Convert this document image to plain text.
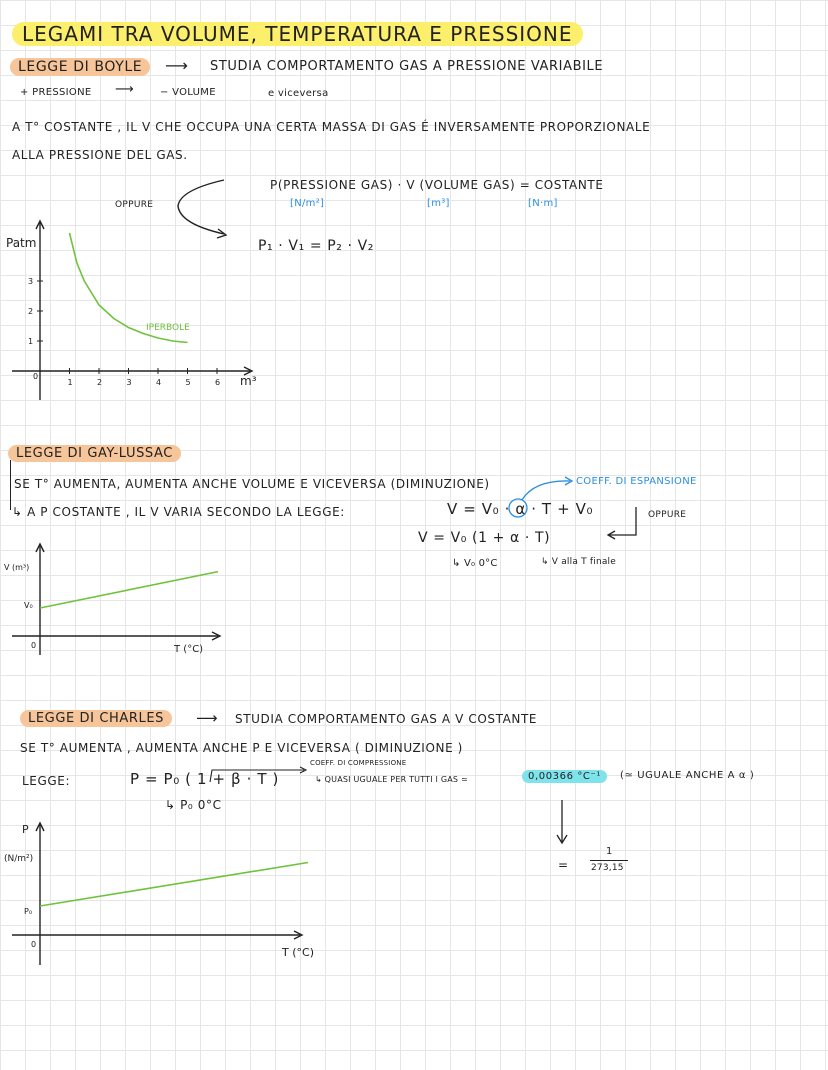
LEGAMI TRA VOLUME, TEMPERATURA E PRESSIONE
LEGGE DI BOYLE	⟶ STUDIA COMPORTAMENTO GAS A PRESSIONE VARIABILE
+ PRESSIONE ⟶	− VOLUME	e viceversa
A T° COSTANTE , IL V CHE OCCUPA UNA CERTA MASSA DI GAS É INVERSAMENTE PROPORZIONALE
ALLA PRESSIONE DEL GAS.
OPPURE
P(PRESSIONE GAS) · V (VOLUME GAS) = COSTANTE
[N/m²]	[m³]	[N·m]
P₁ · V₁ = P₂ · V₂
Patm
m³
0
IPERBOLE
1	2	3	4	5	6
1
2
3
LEGGE DI GAY-LUSSAC
SE T° AUMENTA, AUMENTA ANCHE VOLUME E VICEVERSA (DIMINUZIONE)	COEFF. DI ESPANSIONE
↳ A P COSTANTE , IL V VARIA SECONDO LA LEGGE:	V = V₀ · α · T + V₀	OPPURE
V = V₀ (1 + α · T)
↳ V₀ 0°C	↳ V alla T finale
V (m³)
T (°C)
0
V₀
LEGGE DI CHARLES	⟶ STUDIA COMPORTAMENTO GAS A V COSTANTE
SE T° AUMENTA , AUMENTA ANCHE P E VICEVERSA ( DIMINUZIONE )
LEGGE:	P = P₀ ( 1 + β · T )
COEFF. DI COMPRESSIONE
↳ QUASI UGUALE PER TUTTI I GAS ≃	0,00366 °C⁻¹	(≃ UGUALE ANCHE A α )
↳ P₀ 0°C
=
1
273,15
P
(N/m²)
T (°C)
0
P₀
